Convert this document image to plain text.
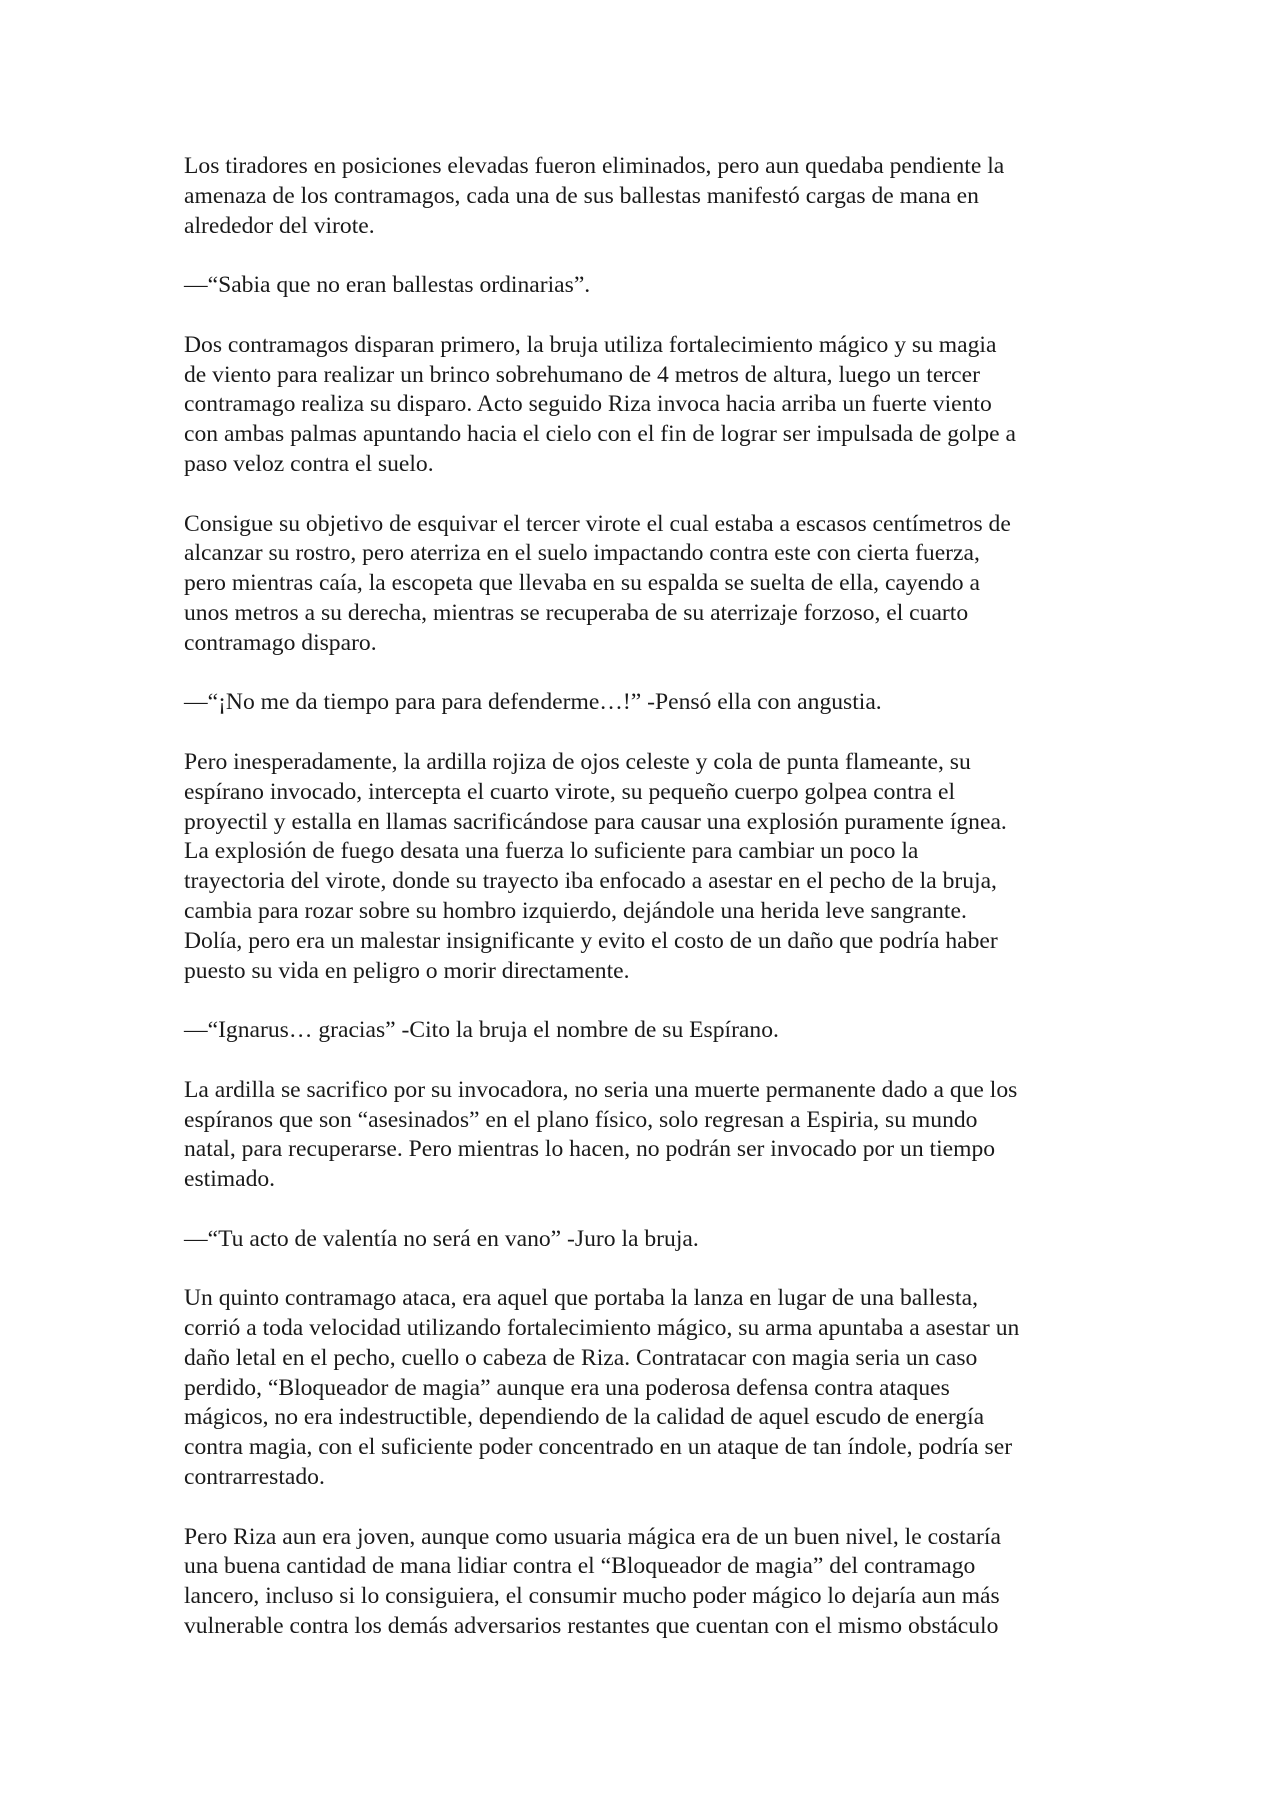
Los tiradores en posiciones elevadas fueron eliminados, pero aun quedaba pendiente la
amenaza de los contramagos, cada una de sus ballestas manifestó cargas de mana en
alrededor del virote.

—“Sabia que no eran ballestas ordinarias”.

Dos contramagos disparan primero, la bruja utiliza fortalecimiento mágico y su magia
de viento para realizar un brinco sobrehumano de 4 metros de altura, luego un tercer
contramago realiza su disparo. Acto seguido Riza invoca hacia arriba un fuerte viento
con ambas palmas apuntando hacia el cielo con el fin de lograr ser impulsada de golpe a
paso veloz contra el suelo.

Consigue su objetivo de esquivar el tercer virote el cual estaba a escasos centímetros de
alcanzar su rostro, pero aterriza en el suelo impactando contra este con cierta fuerza,
pero mientras caía, la escopeta que llevaba en su espalda se suelta de ella, cayendo a
unos metros a su derecha, mientras se recuperaba de su aterrizaje forzoso, el cuarto
contramago disparo.

—“¡No me da tiempo para para defenderme…!” -Pensó ella con angustia.

Pero inesperadamente, la ardilla rojiza de ojos celeste y cola de punta flameante, su
espírano invocado, intercepta el cuarto virote, su pequeño cuerpo golpea contra el
proyectil y estalla en llamas sacrificándose para causar una explosión puramente ígnea.
La explosión de fuego desata una fuerza lo suficiente para cambiar un poco la
trayectoria del virote, donde su trayecto iba enfocado a asestar en el pecho de la bruja,
cambia para rozar sobre su hombro izquierdo, dejándole una herida leve sangrante.
Dolía, pero era un malestar insignificante y evito el costo de un daño que podría haber
puesto su vida en peligro o morir directamente.

—“Ignarus… gracias” -Cito la bruja el nombre de su Espírano.

La ardilla se sacrifico por su invocadora, no seria una muerte permanente dado a que los
espíranos que son “asesinados” en el plano físico, solo regresan a Espiria, su mundo
natal, para recuperarse. Pero mientras lo hacen, no podrán ser invocado por un tiempo
estimado.

—“Tu acto de valentía no será en vano” -Juro la bruja.

Un quinto contramago ataca, era aquel que portaba la lanza en lugar de una ballesta,
corrió a toda velocidad utilizando fortalecimiento mágico, su arma apuntaba a asestar un
daño letal en el pecho, cuello o cabeza de Riza. Contratacar con magia seria un caso
perdido, “Bloqueador de magia” aunque era una poderosa defensa contra ataques
mágicos, no era indestructible, dependiendo de la calidad de aquel escudo de energía
contra magia, con el suficiente poder concentrado en un ataque de tan índole, podría ser
contrarrestado.

Pero Riza aun era joven, aunque como usuaria mágica era de un buen nivel, le costaría
una buena cantidad de mana lidiar contra el “Bloqueador de magia” del contramago
lancero, incluso si lo consiguiera, el consumir mucho poder mágico lo dejaría aun más
vulnerable contra los demás adversarios restantes que cuentan con el mismo obstáculo
